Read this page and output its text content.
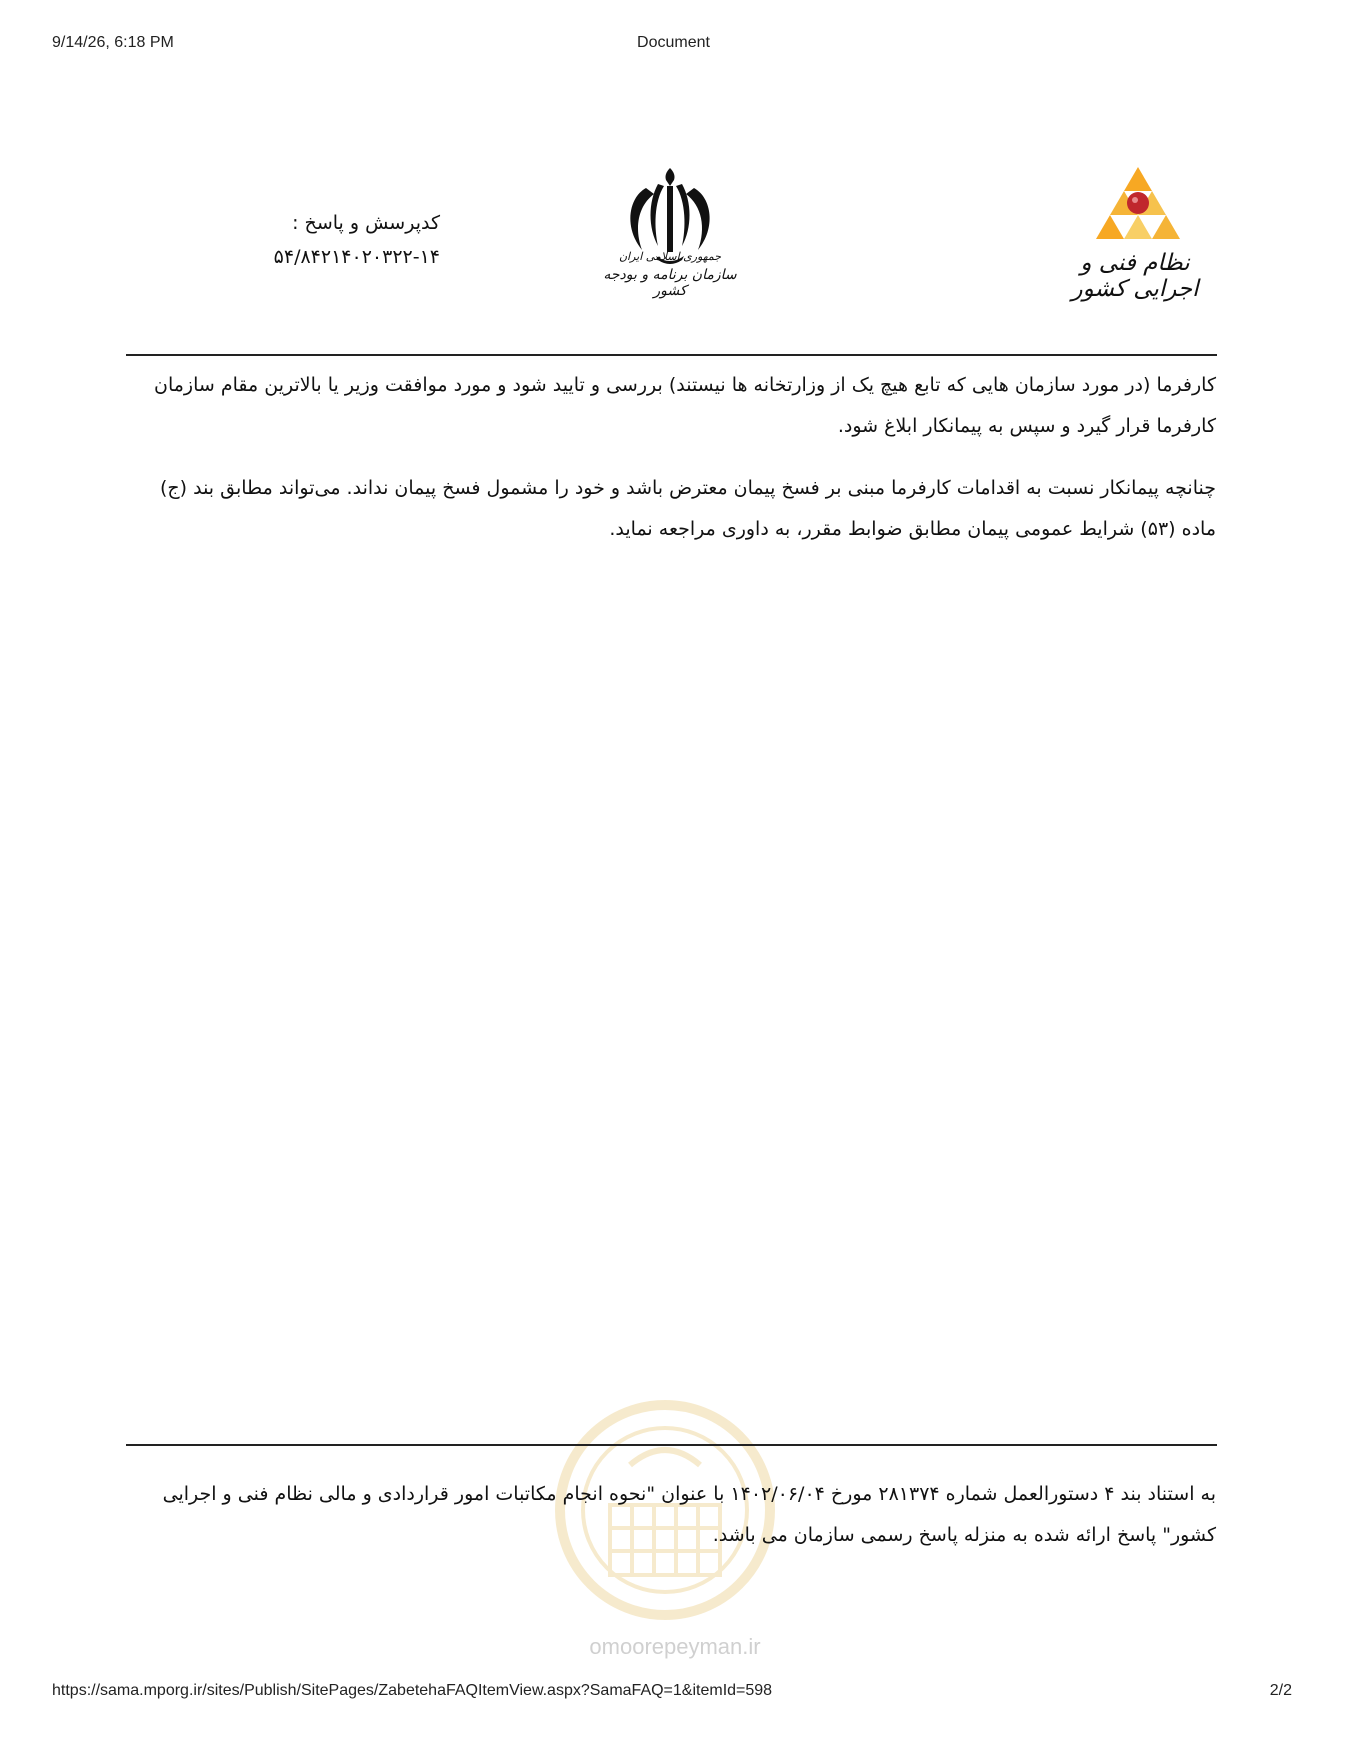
9/14/26, 6:18 PM	Document
کدپرسش و پاسخ :
۵۴/۸۴۲۱۴۰۲۰۳۲۲-۱۴	جمهوری اسلامی ایران
سازمان برنامه و بودجه کشور
نظام فنی و اجرایی کشور
کارفرما (در مورد سازمان هایی که تابع هیچ یک از وزارتخانه ها نیستند) بررسی و تایید شود و مورد موافقت وزیر یا بالاترین مقام سازمان کارفرما قرار گیرد و سپس به پیمانکار ابلاغ شود.
چنانچه پیمانکار نسبت به اقدامات کارفرما مبنی بر فسخ پیمان معترض باشد و خود را مشمول فسخ پیمان نداند. می‌تواند مطابق بند (ج) ماده (۵۳) شرایط عمومی پیمان مطابق ضوابط مقرر، به داوری مراجعه نماید.
omoorepeyman.ir
به استناد بند ۴ دستورالعمل شماره ۲۸۱۳۷۴ مورخ ۱۴۰۲/۰۶/۰۴ با عنوان "نحوه انجام مکاتبات امور قراردادی و مالی نظام فنی و اجرایی کشور" پاسخ ارائه شده به منزله پاسخ رسمی سازمان می باشد.
https://sama.mporg.ir/sites/Publish/SitePages/ZabetehaFAQItemView.aspx?SamaFAQ=1&itemId=598	2/2
